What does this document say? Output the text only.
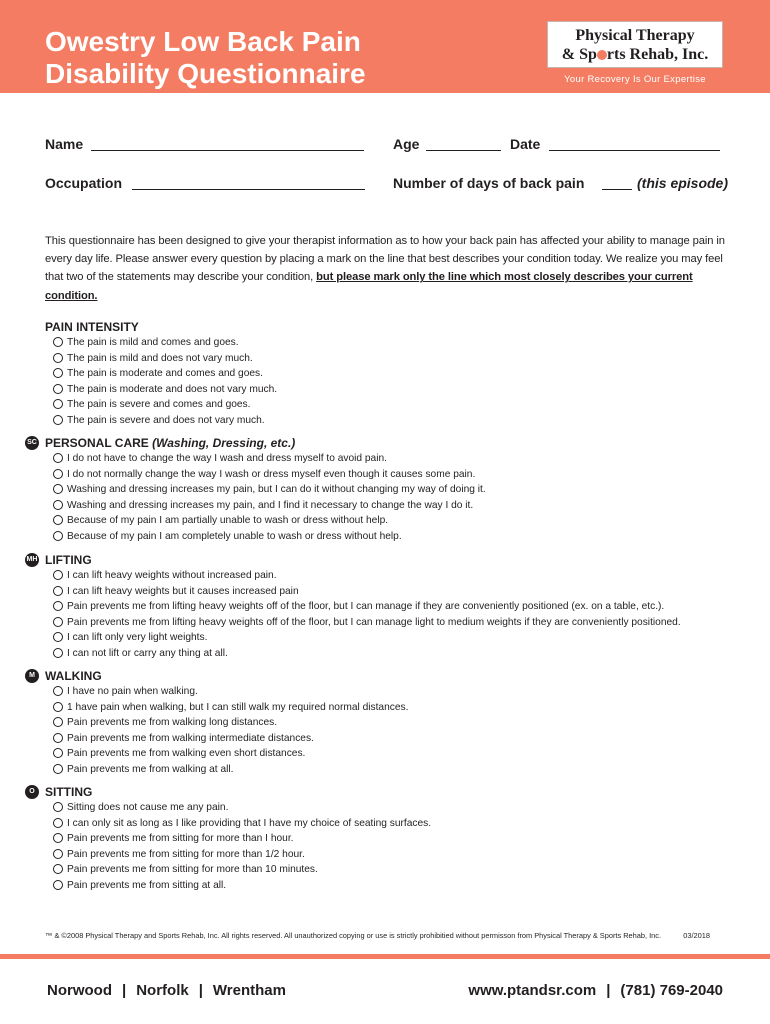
Owestry Low Back Pain
Disability Questionnaire
Physical Therapy
& Sp rts Rehab, Inc.
Your Recovery Is Our Expertise
Name	Age	Date
Occupation	Number of days of back pain	(this episode)
This questionnaire has been designed to give your therapist information as to how your back pain has affected your ability to manage pain in every day life. Please answer every question by placing a mark on the line that best describes your condition today. We realize you may feel that two of the statements may describe your condition, but please mark only the line which most closely describes your current condition.
PAIN INTENSITY
The pain is mild and comes and goes.
The pain is mild and does not vary much.
The pain is moderate and comes and goes.
The pain is moderate and does not vary much.
The pain is severe and comes and goes.
The pain is severe and does not vary much.
SC PERSONAL CARE (Washing, Dressing, etc.)
I do not have to change the way I wash and dress myself to avoid pain.
I do not normally change the way I wash or dress myself even though it causes some pain.
Washing and dressing increases my pain, but I can do it without changing my way of doing it.
Washing and dressing increases my pain, and I find it necessary to change the way I do it.
Because of my pain I am partially unable to wash or dress without help.
Because of my pain I am completely unable to wash or dress without help.
MH LIFTING
I can lift heavy weights without increased pain.
I can lift heavy weights but it causes increased pain
Pain prevents me from lifting heavy weights off of the floor, but I can manage if they are conveniently positioned (ex. on a table, etc.).
Pain prevents me from lifting heavy weights off of the floor, but I can manage light to medium weights if they are conveniently positioned.
I can lift only very light weights.
I can not lift or carry any thing at all.
M WALKING
I have no pain when walking.
1 have pain when walking, but I can still walk my required normal distances.
Pain prevents me from walking long distances.
Pain prevents me from walking intermediate distances.
Pain prevents me from walking even short distances.
Pain prevents me from walking at all.
O SITTING
Sitting does not cause me any pain.
I can only sit as long as I like providing that I have my choice of seating surfaces.
Pain prevents me from sitting for more than I hour.
Pain prevents me from sitting for more than 1/2 hour.
Pain prevents me from sitting for more than 10 minutes.
Pain prevents me from sitting at all.
™ & ©2008 Physical Therapy and Sports Rehab, Inc. All rights reserved. All unauthorized copying or use is strictly prohibitied without permisson from Physical Therapy & Sports Rehab, Inc.	03/2018
Norwood | Norfolk | Wrentham	www.ptandsr.com | (781) 769-2040
